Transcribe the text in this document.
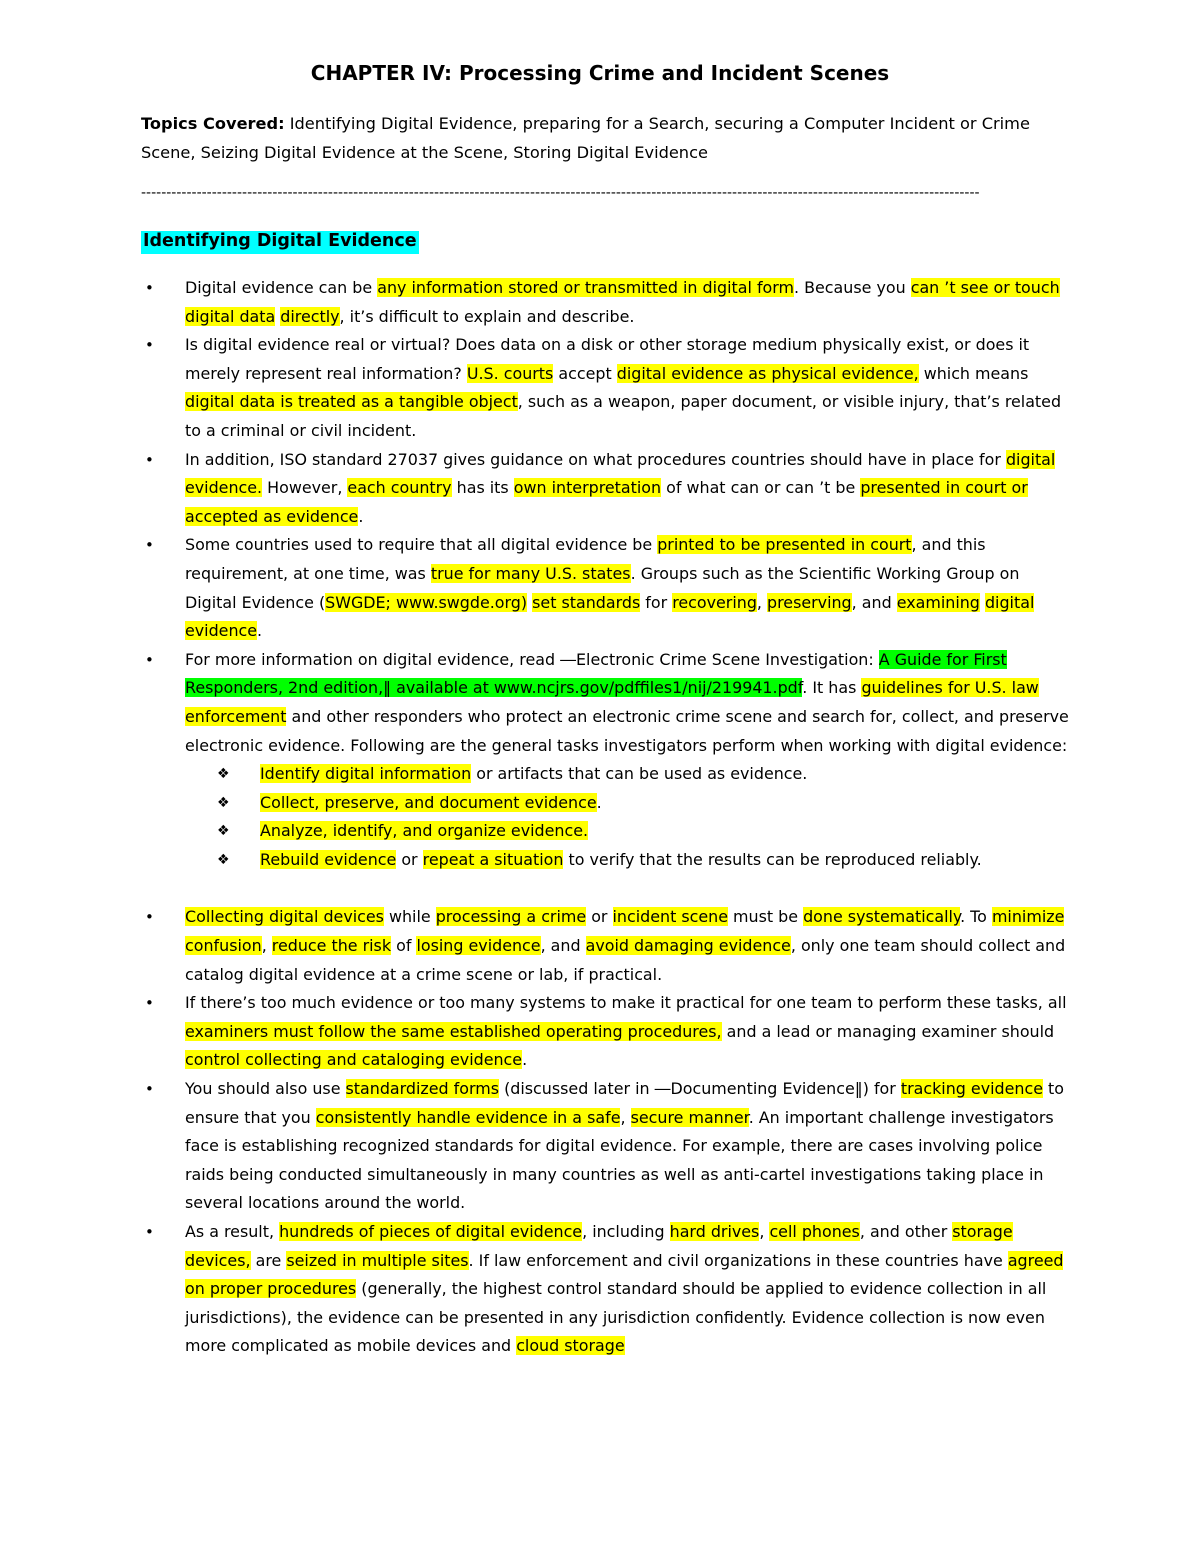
CHAPTER IV: Processing Crime and Incident Scenes
Topics Covered: Identifying Digital Evidence, preparing for a Search, securing a Computer Incident or Crime Scene, Seizing Digital Evidence at the Scene, Storing Digital Evidence
----------------------------------------------------------------------------------------------------------------------------------------------------------------------
Identifying Digital Evidence
• Digital evidence can be any information stored or transmitted in digital form. Because you can ’t see or touch digital data directly, it’s difficult to explain and describe.
• Is digital evidence real or virtual? Does data on a disk or other storage medium physically exist, or does it merely represent real information? U.S. courts accept digital evidence as physical evidence, which means digital data is treated as a tangible object, such as a weapon, paper document, or visible injury, that’s related to a criminal or civil incident.
• In addition, ISO standard 27037 gives guidance on what procedures countries should have in place for digital evidence. However, each country has its own interpretation of what can or can ’t be presented in court or accepted as evidence.
• Some countries used to require that all digital evidence be printed to be presented in court, and this requirement, at one time, was true for many U.S. states. Groups such as the Scientific Working Group on Digital Evidence (SWGDE; www.swgde.org) set standards for recovering, preserving, and examining digital evidence.
• For more information on digital evidence, read ―Electronic Crime Scene Investigation: A Guide for First Responders, 2nd edition,‖ available at www.ncjrs.gov/pdffiles1/nij/219941.pdf. It has guidelines for U.S. law enforcement and other responders who protect an electronic crime scene and search for, collect, and preserve electronic evidence. Following are the general tasks investigators perform when working with digital evidence:
❖ Identify digital information or artifacts that can be used as evidence.
❖ Collect, preserve, and document evidence.
❖ Analyze, identify, and organize evidence.
❖ Rebuild evidence or repeat a situation to verify that the results can be reproduced reliably.
• Collecting digital devices while processing a crime or incident scene must be done systematically. To minimize confusion, reduce the risk of losing evidence, and avoid damaging evidence, only one team should collect and catalog digital evidence at a crime scene or lab, if practical.
• If there’s too much evidence or too many systems to make it practical for one team to perform these tasks, all examiners must follow the same established operating procedures, and a lead or managing examiner should control collecting and cataloging evidence.
• You should also use standardized forms (discussed later in ―Documenting Evidence‖) for tracking evidence to ensure that you consistently handle evidence in a safe, secure manner. An important challenge investigators face is establishing recognized standards for digital evidence. For example, there are cases involving police raids being conducted simultaneously in many countries as well as anti-cartel investigations taking place in several locations around the world.
• As a result, hundreds of pieces of digital evidence, including hard drives, cell phones, and other storage devices, are seized in multiple sites. If law enforcement and civil organizations in these countries have agreed on proper procedures (generally, the highest control standard should be applied to evidence collection in all jurisdictions), the evidence can be presented in any jurisdiction confidently. Evidence collection is now even more complicated as mobile devices and cloud storage
